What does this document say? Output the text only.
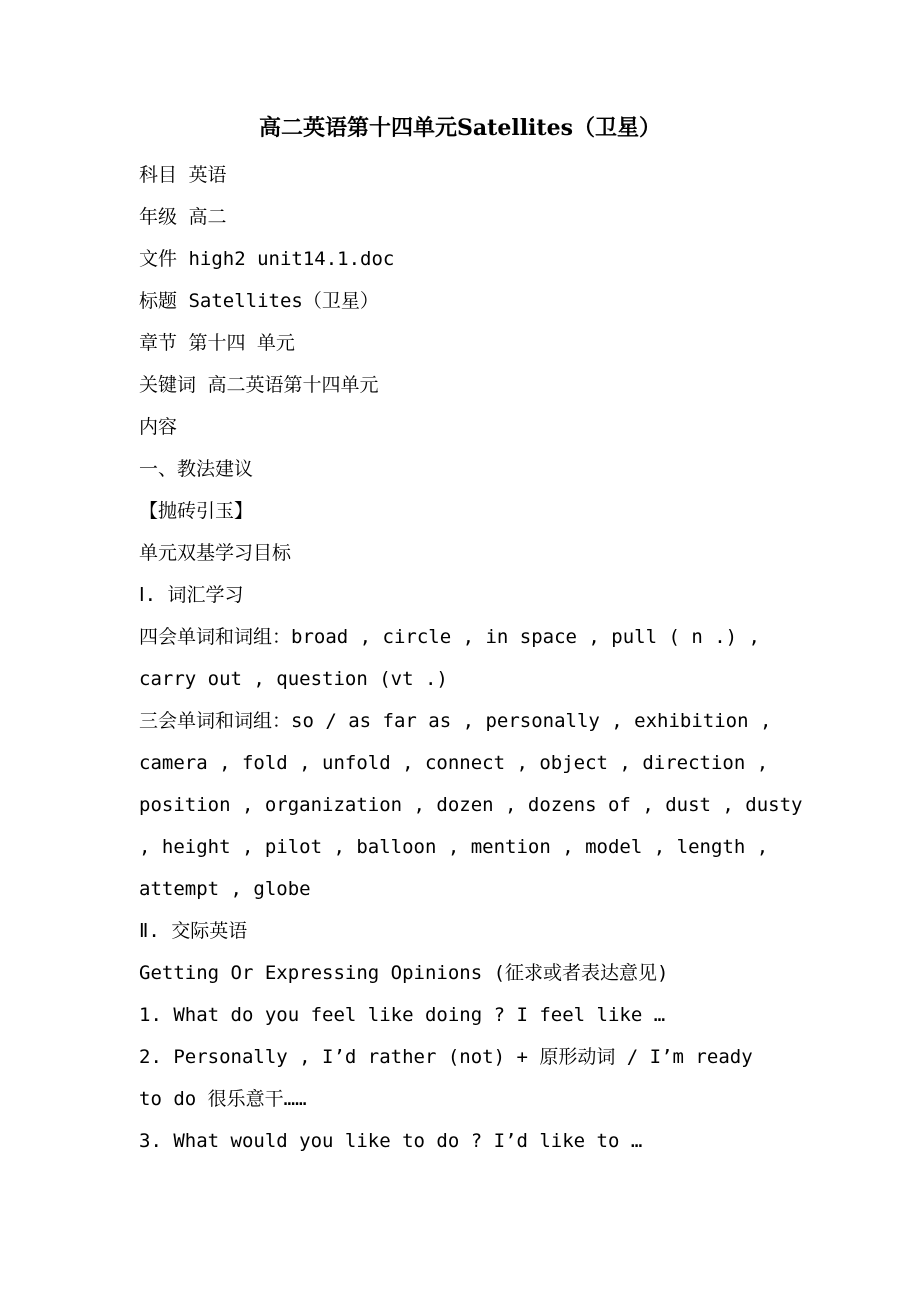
高二英语第十四单元Satellites（卫星）
科目 英语
年级 高二
文件 high2 unit14.1.doc
标题 Satellites（卫星）
章节 第十四 单元
关键词 高二英语第十四单元
内容
一、教法建议
【抛砖引玉】
单元双基学习目标
Ⅰ. 词汇学习
四会单词和词组：broad , circle , in space , pull ( n .) ,
carry out , question (vt .)
三会单词和词组：so / as far as , personally , exhibition ,
camera , fold , unfold , connect , object , direction ,
position , organization , dozen , dozens of , dust , dusty
, height , pilot , balloon , mention , model , length ,
attempt , globe
Ⅱ. 交际英语
Getting Or Expressing Opinions (征求或者表达意见)
1. What do you feel like doing ? I feel like …
2. Personally , I’d rather (not) + 原形动词 / I’m ready
to do 很乐意干……
3. What would you like to do ? I’d like to …
